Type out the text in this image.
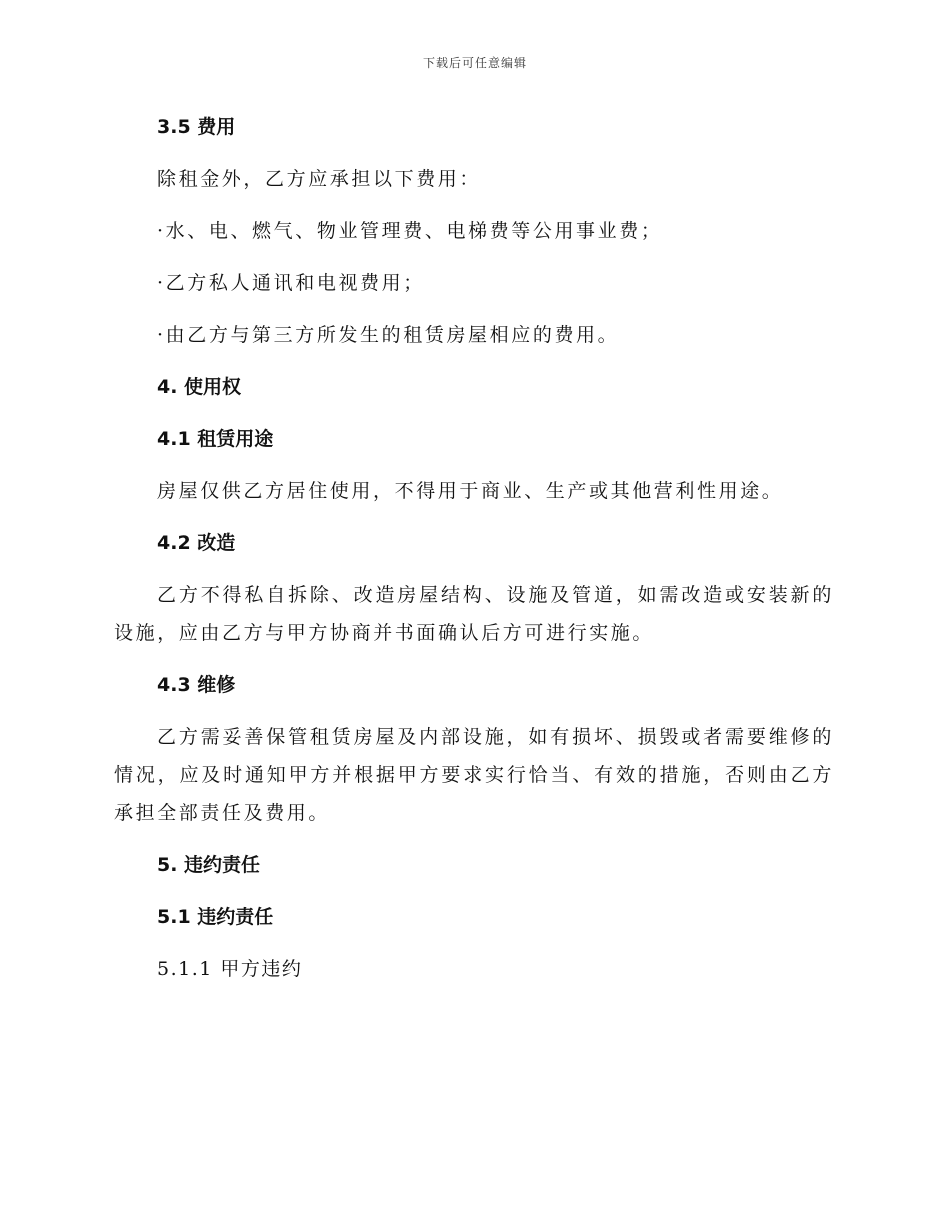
下载后可任意编辑

3.5 费用

除租金外，乙方应承担以下费用：

·水、电、燃气、物业管理费、电梯费等公用事业费；

·乙方私人通讯和电视费用；

·由乙方与第三方所发生的租赁房屋相应的费用。

4. 使用权

4.1 租赁用途

房屋仅供乙方居住使用，不得用于商业、生产或其他营利性用途。

4.2 改造

乙方不得私自拆除、改造房屋结构、设施及管道，如需改造或安装新的设施，应由乙方与甲方协商并书面确认后方可进行实施。

4.3 维修

乙方需妥善保管租赁房屋及内部设施，如有损坏、损毁或者需要维修的情况，应及时通知甲方并根据甲方要求实行恰当、有效的措施，否则由乙方承担全部责任及费用。

5. 违约责任

5.1 违约责任

5.1.1 甲方违约
